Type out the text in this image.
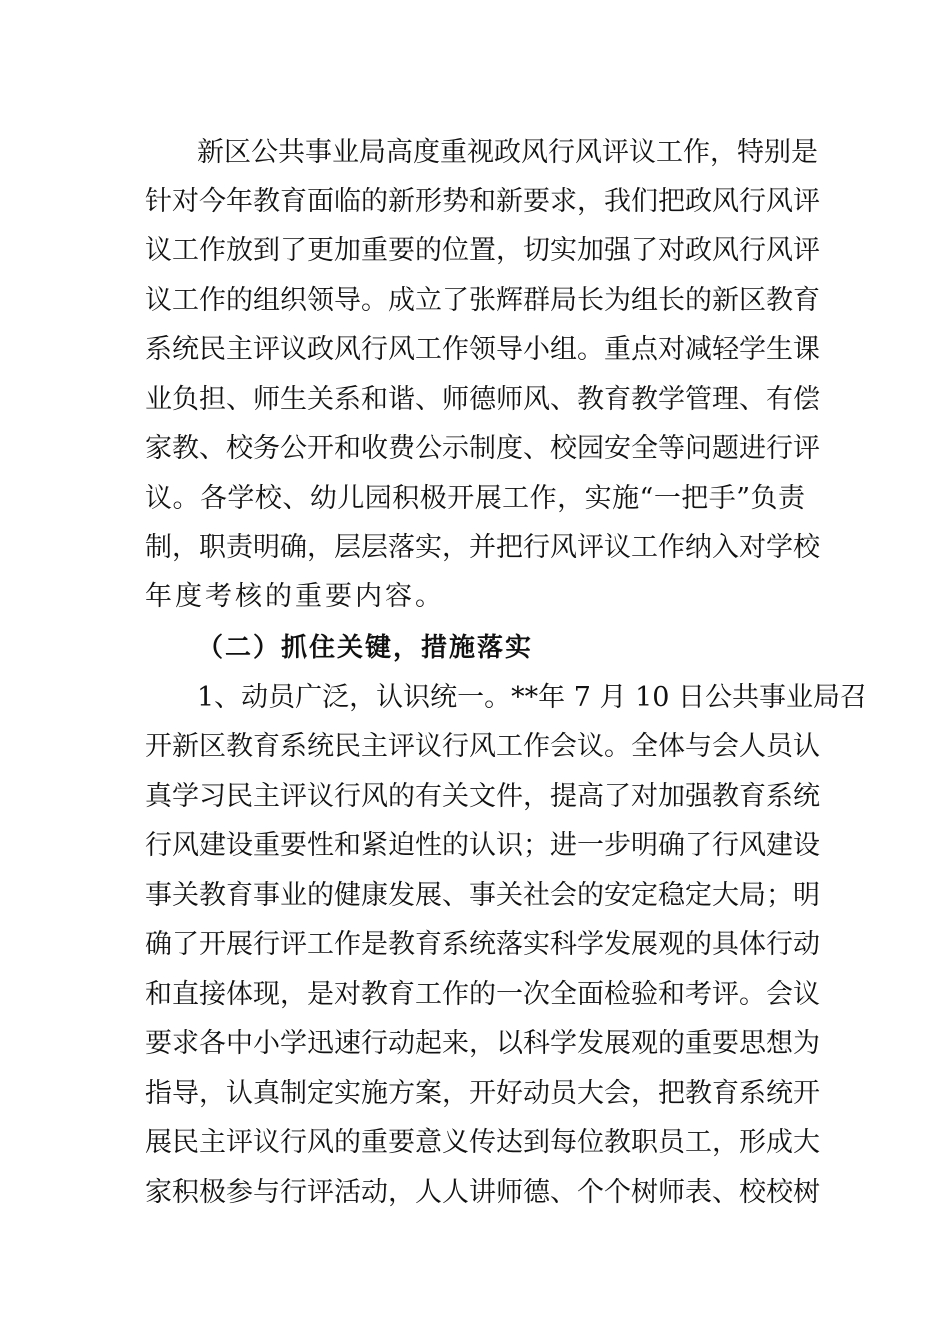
新区公共事业局高度重视政风行风评议工作，特别是
针对今年教育面临的新形势和新要求，我们把政风行风评
议工作放到了更加重要的位置，切实加强了对政风行风评
议工作的组织领导。成立了张辉群局长为组长的新区教育
系统民主评议政风行风工作领导小组。重点对减轻学生课
业负担、师生关系和谐、师德师风、教育教学管理、有偿
家教、校务公开和收费公示制度、校园安全等问题进行评
议。各学校、幼儿园积极开展工作，实施“一把手”负责
制，职责明确，层层落实，并把行风评议工作纳入对学校
年度考核的重要内容。
（二）抓住关键，措施落实
1、动员广泛，认识统一。**年 7 月 10 日公共事业局召
开新区教育系统民主评议行风工作会议。全体与会人员认
真学习民主评议行风的有关文件，提高了对加强教育系统
行风建设重要性和紧迫性的认识；进一步明确了行风建设
事关教育事业的健康发展、事关社会的安定稳定大局；明
确了开展行评工作是教育系统落实科学发展观的具体行动
和直接体现，是对教育工作的一次全面检验和考评。会议
要求各中小学迅速行动起来，以科学发展观的重要思想为
指导，认真制定实施方案，开好动员大会，把教育系统开
展民主评议行风的重要意义传达到每位教职员工，形成大
家积极参与行评活动，人人讲师德、个个树师表、校校树
